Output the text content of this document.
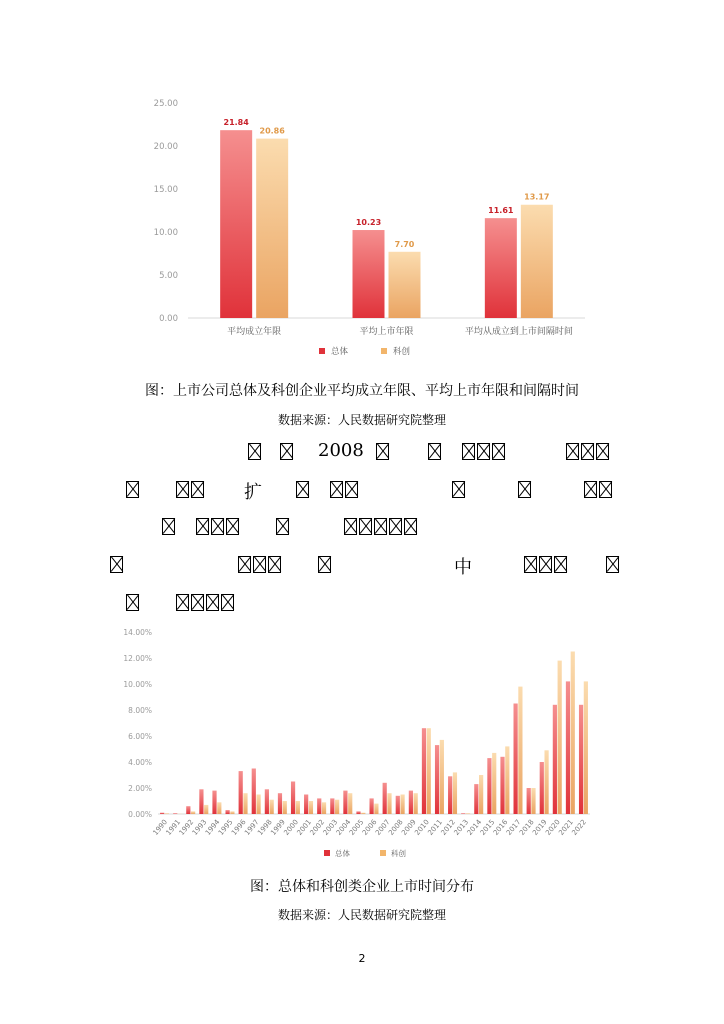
0.00
5.00
10.00
15.00
20.00
25.00
21.84
20.86
平均成立年限
10.23
7.70
平均上市年限
11.61
13.17
平均从成立到上市间隔时间
总体	科创
图：上市公司总体及科创企业平均成立年限、平均上市年限和间隔时间
数据来源：人民数据研究院整理
2008
扩
中
0.00%
2.00%
4.00%
6.00%
8.00%
10.00%
12.00%
14.00%
1990
1991
1992
1993
1994
1995
1996
1997
1998
1999
2000
2001
2002
2003
2004
2005
2006
2007
2008
2009
2010
2011
2012
2013
2014
2015
2016
2017
2018
2019
2020
2021
2022
总体	科创
图：总体和科创类企业上市时间分布
数据来源：人民数据研究院整理
2
